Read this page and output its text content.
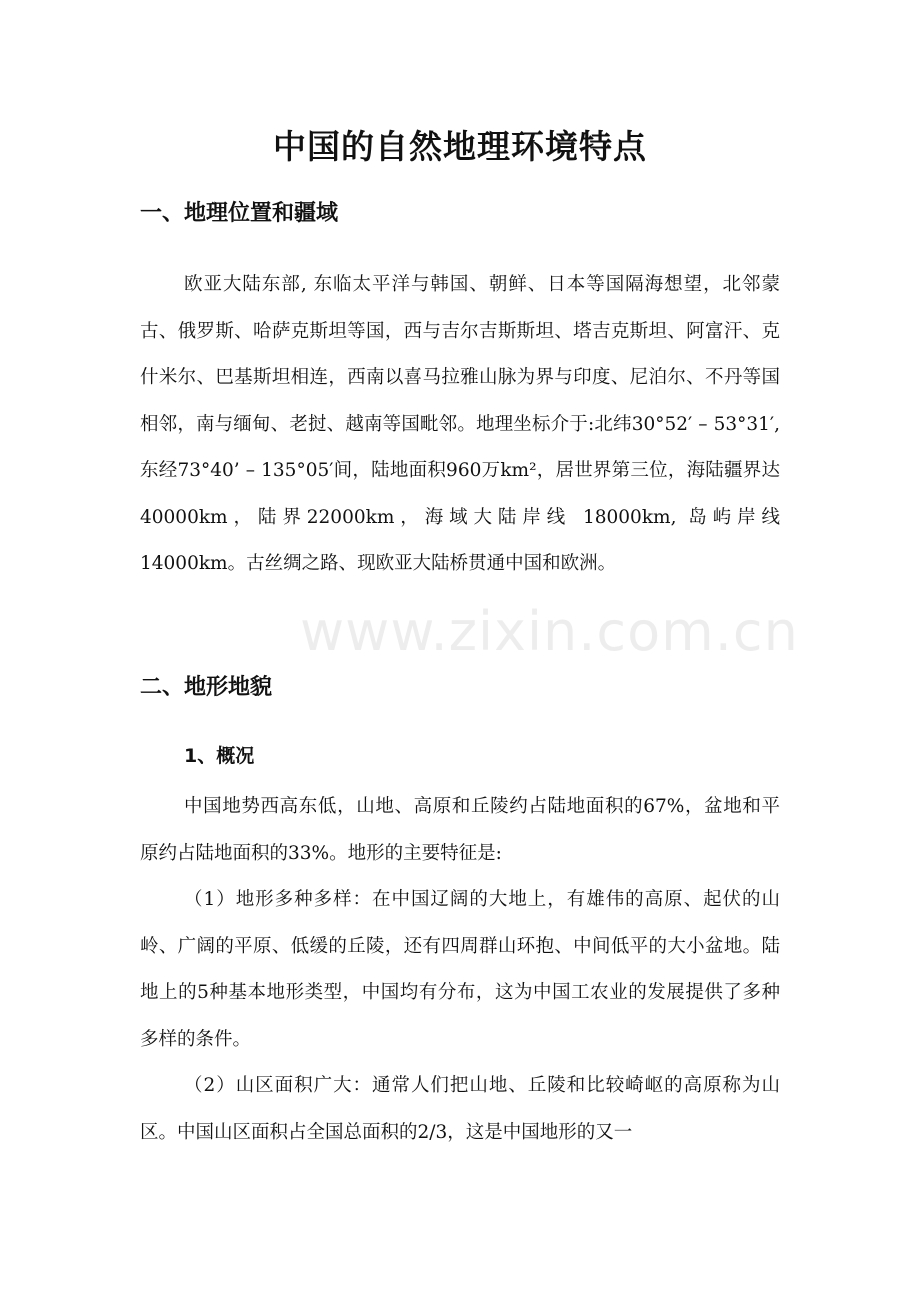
中国的自然地理环境特点
一、地理位置和疆域

欧亚大陆东部, 东临太平洋与韩国、朝鲜、日本等国隔海想望，北邻蒙古、俄罗斯、哈萨克斯坦等国，西与吉尔吉斯斯坦、塔吉克斯坦、阿富汗、克什米尔、巴基斯坦相连，西南以喜马拉雅山脉为界与印度、尼泊尔、不丹等国相邻，南与缅甸、老挝、越南等国毗邻。地理坐标介于:北纬30°52′ – 53°31′, 东经73°40’ – 135°05′间，陆地面积960万km²，居世界第三位，海陆疆界达40000km，陆界22000km，海域大陆岸线 18000km, 岛屿岸线 14000km。古丝绸之路、现欧亚大陆桥贯通中国和欧洲。

二、地形地貌
1、概况

中国地势西高东低，山地、高原和丘陵约占陆地面积的67%，盆地和平原约占陆地面积的33%。地形的主要特征是:

（1）地形多种多样：在中国辽阔的大地上，有雄伟的高原、起伏的山岭、广阔的平原、低缓的丘陵，还有四周群山环抱、中间低平的大小盆地。陆地上的5种基本地形类型，中国均有分布，这为中国工农业的发展提供了多种多样的条件。

（2）山区面积广大：通常人们把山地、丘陵和比较崎岖的高原称为山区。中国山区面积占全国总面积的2/3，这是中国地形的又一

www.zixin.com.cn
